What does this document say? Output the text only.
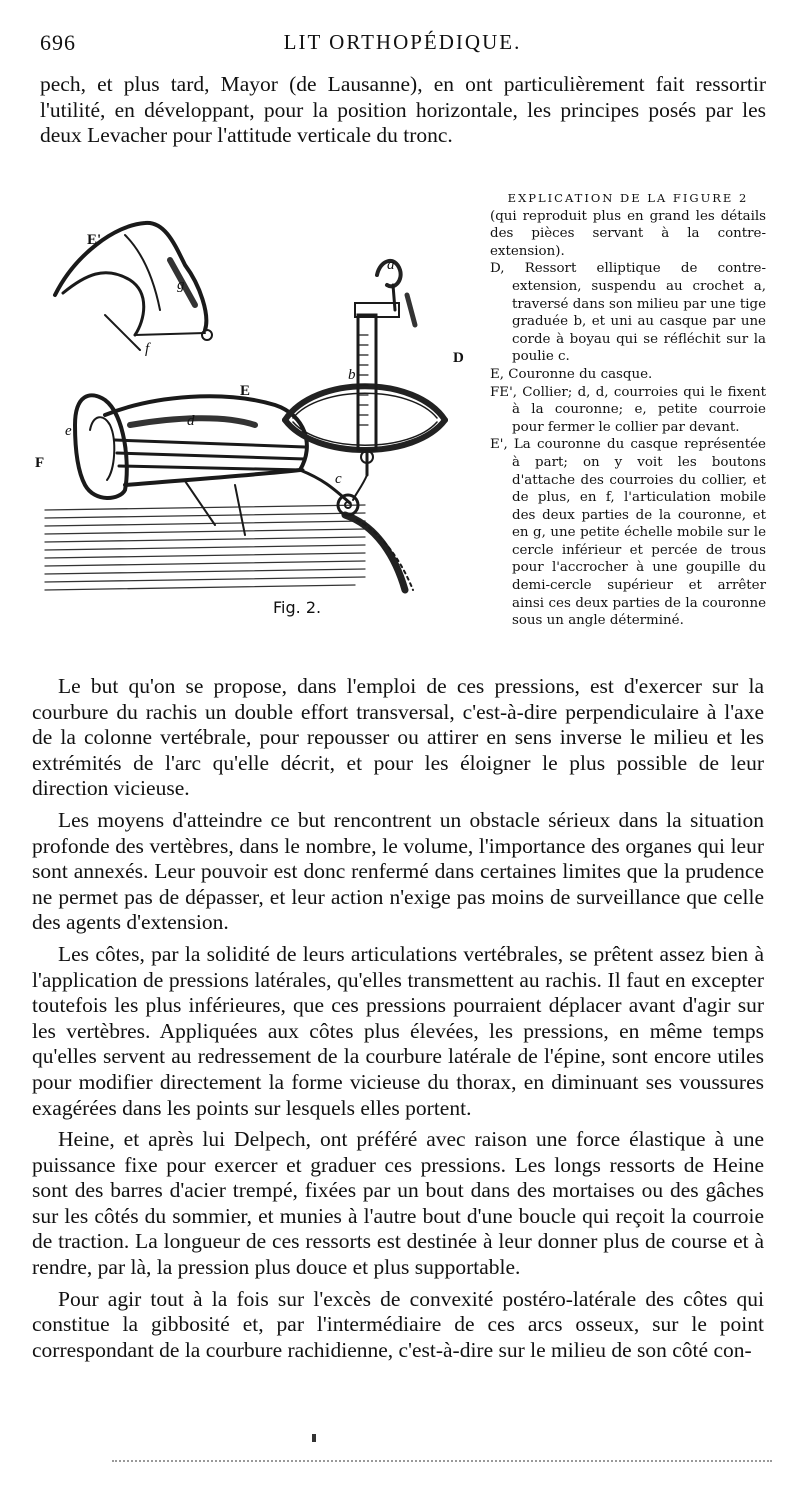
696	LIT ORTHOPÉDIQUE.
pech, et plus tard, Mayor (de Lausanne), en ont particulièrement fait ressortir l'utilité, en développant, pour la position horizontale, les principes posés par les deux Levacher pour l'attitude verticale du tronc.
E'
g
f
a
b
D
E
d
c
F
e
Fig. 2.
EXPLICATION DE LA FIGURE 2
(qui reproduit plus en grand les détails des pièces servant à la contre-extension).
D, Ressort elliptique de contre-extension, suspendu au crochet a, traversé dans son milieu par une tige graduée b, et uni au casque par une corde à boyau qui se réfléchit sur la poulie c.
E, Couronne du casque.
FE', Collier; d, d, courroies qui le fixent à la couronne; e, petite courroie pour fermer le collier par devant.
E', La couronne du casque représentée à part; on y voit les boutons d'attache des courroies du collier, et de plus, en f, l'articulation mobile des deux parties de la couronne, et en g, une petite échelle mobile sur le cercle inférieur et percée de trous pour l'accrocher à une goupille du demi-cercle supérieur et arrêter ainsi ces deux parties de la couronne sous un angle déterminé.

Le but qu'on se propose, dans l'emploi de ces pressions, est d'exercer sur la courbure du rachis un double effort transversal, c'est-à-dire perpendiculaire à l'axe de la colonne vertébrale, pour repousser ou attirer en sens inverse le milieu et les extrémités de l'arc qu'elle décrit, et pour les éloigner le plus possible de leur direction vicieuse.

Les moyens d'atteindre ce but rencontrent un obstacle sérieux dans la situation profonde des vertèbres, dans le nombre, le volume, l'importance des organes qui leur sont annexés. Leur pouvoir est donc renfermé dans certaines limites que la prudence ne permet pas de dépasser, et leur action n'exige pas moins de surveillance que celle des agents d'extension.

Les côtes, par la solidité de leurs articulations vertébrales, se prêtent assez bien à l'application de pressions latérales, qu'elles transmettent au rachis. Il faut en excepter toutefois les plus inférieures, que ces pressions pourraient déplacer avant d'agir sur les vertèbres. Appliquées aux côtes plus élevées, les pressions, en même temps qu'elles servent au redressement de la courbure latérale de l'épine, sont encore utiles pour modifier directement la forme vicieuse du thorax, en diminuant ses voussures exagérées dans les points sur lesquels elles portent.

Heine, et après lui Delpech, ont préféré avec raison une force élastique à une puissance fixe pour exercer et graduer ces pressions. Les longs ressorts de Heine sont des barres d'acier trempé, fixées par un bout dans des mortaises ou des gâches sur les côtés du sommier, et munies à l'autre bout d'une boucle qui reçoit la courroie de traction. La longueur de ces ressorts est destinée à leur donner plus de course et à rendre, par là, la pression plus douce et plus supportable.

Pour agir tout à la fois sur l'excès de convexité postéro-latérale des côtes qui constitue la gibbosité et, par l'intermédiaire de ces arcs osseux, sur le point correspondant de la courbure rachidienne, c'est-à-dire sur le milieu de son côté con-
